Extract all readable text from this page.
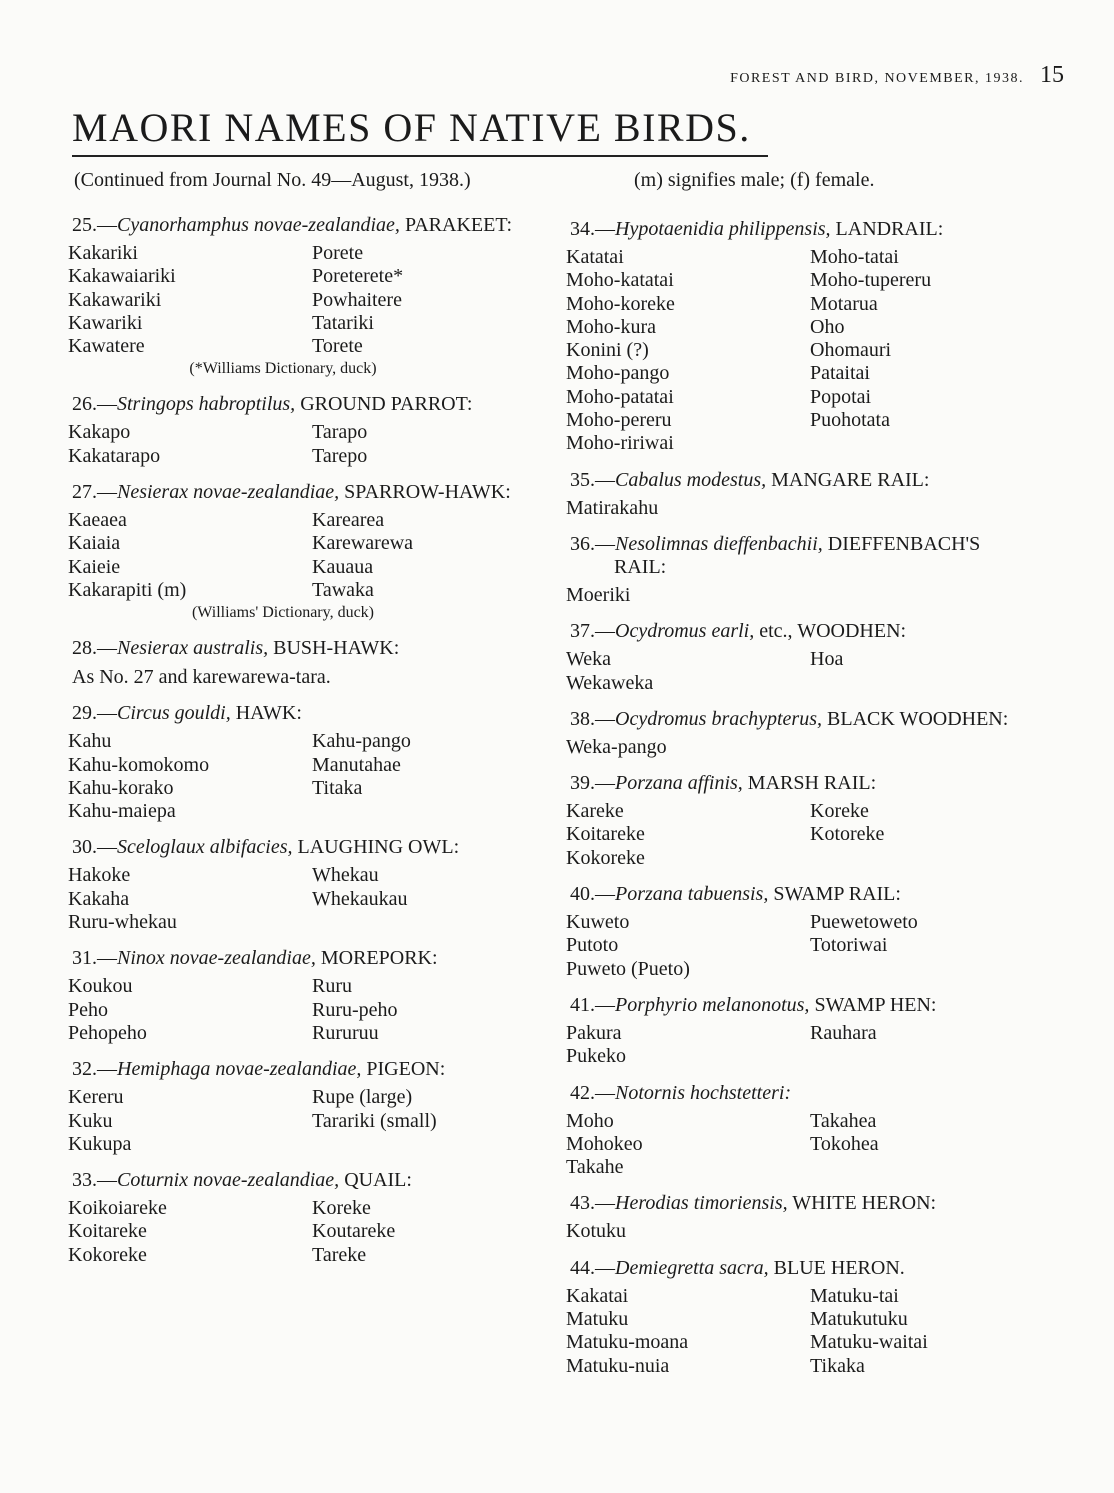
FOREST AND BIRD, NOVEMBER, 1938. 15
MAORI NAMES OF NATIVE BIRDS.
(Continued from Journal No. 49—August, 1938.)	(m) signifies male; (f) female.
25.—Cyanorhamphus novae-zealandiae, PARAKEET:
Kakariki
Kakawaiariki
Kakawariki
Kawariki
Kawatere
Porete
Poreterete*
Powhaitere
Tatariki
Torete
(*Williams Dictionary, duck)
26.—Stringops habroptilus, GROUND PARROT:
Kakapo
Kakatarapo
Tarapo
Tarepo
27.—Nesierax novae-zealandiae, SPARROW-HAWK:
Kaeaea
Kaiaia
Kaieie
Kakarapiti (m)
Karearea
Karewarewa
Kauaua
Tawaka
(Williams' Dictionary, duck)
28.—Nesierax australis, BUSH-HAWK:
As No. 27 and karewarewa-tara.
29.—Circus gouldi, HAWK:
Kahu
Kahu-komokomo
Kahu-korako
Kahu-maiepa
Kahu-pango
Manutahae
Titaka
30.—Sceloglaux albifacies, LAUGHING OWL:
Hakoke
Kakaha
Ruru-whekau
Whekau
Whekaukau
31.—Ninox novae-zealandiae, MOREPORK:
Koukou
Peho
Pehopeho
Ruru
Ruru-peho
Rururuu
32.—Hemiphaga novae-zealandiae, PIGEON:
Kereru
Kuku
Kukupa
Rupe (large)
Tarariki (small)
33.—Coturnix novae-zealandiae, QUAIL:
Koikoiareke
Koitareke
Kokoreke
Koreke
Koutareke
Tareke
34.—Hypotaenidia philippensis, LANDRAIL:
Katatai
Moho-katatai
Moho-koreke
Moho-kura
Konini (?)
Moho-pango
Moho-patatai
Moho-pereru
Moho-ririwai
Moho-tatai
Moho-tupereru
Motarua
Oho
Ohomauri
Pataitai
Popotai
Puohotata
35.—Cabalus modestus, MANGARE RAIL:
Matirakahu
36.—Nesolimnas dieffenbachii, DIEFFENBACH'S RAIL:
Moeriki
37.—Ocydromus earli, etc., WOODHEN:
Weka
Wekaweka
Hoa
38.—Ocydromus brachypterus, BLACK WOODHEN:
Weka-pango
39.—Porzana affinis, MARSH RAIL:
Kareke
Koitareke
Kokoreke
Koreke
Kotoreke
40.—Porzana tabuensis, SWAMP RAIL:
Kuweto
Putoto
Puweto (Pueto)
Puewetoweto
Totoriwai
41.—Porphyrio melanonotus, SWAMP HEN:
Pakura
Pukeko
Rauhara
42.—Notornis hochstetteri:
Moho
Mohokeo
Takahe
Takahea
Tokohea
43.—Herodias timoriensis, WHITE HERON:
Kotuku
44.—Demiegretta sacra, BLUE HERON.
Kakatai
Matuku
Matuku-moana
Matuku-nuia
Matuku-tai
Matukutuku
Matuku-waitai
Tikaka
